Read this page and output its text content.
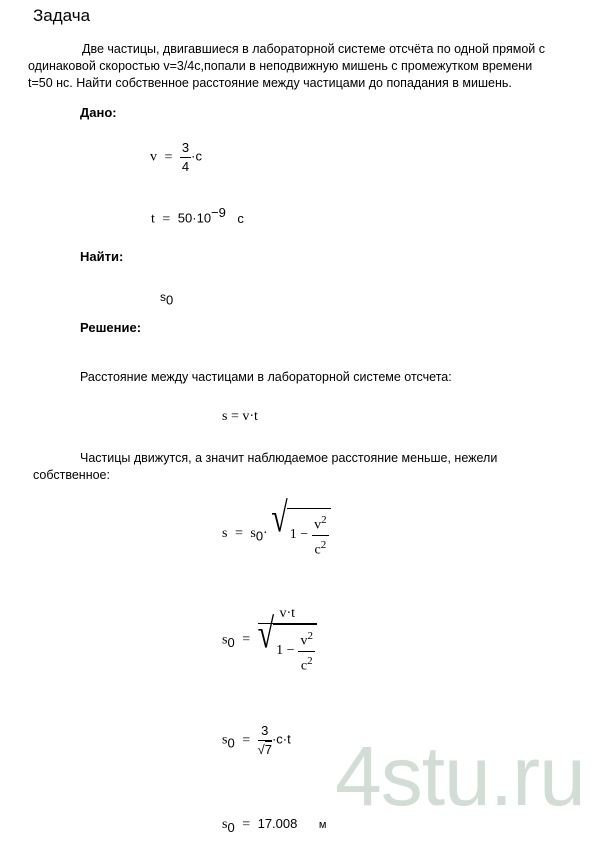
Задача
Две частицы, двигавшиеся в лабораторной системе отсчёта по одной прямой с
одинаковой скоростью v=3/4c,попали в неподвижную мишень с промежутком времени
t=50 нс. Найти собственное расстояние между частицами до попадания в мишень.
Дано:
$v = \frac{3}{4} \cdot c$
$t = 50\cdot 10^{-9}$ с
Найти:
$s_0$
Решение:
Расстояние между частицами в лабораторной системе отсчета:
s = v·t
Частицы движутся, а значит наблюдаемое расстояние меньше, нежели
собственное:
$s = s_0\cdot$ √ $1 - \frac{v^2}{c^2}$
$s_0$ =
v·t
√ $1 - \frac{v^2}{c^2}$
$s_0 = \frac{3}{√7} \cdot c\cdot t$
$s_0 = 17.008$ м
4stu.ru
